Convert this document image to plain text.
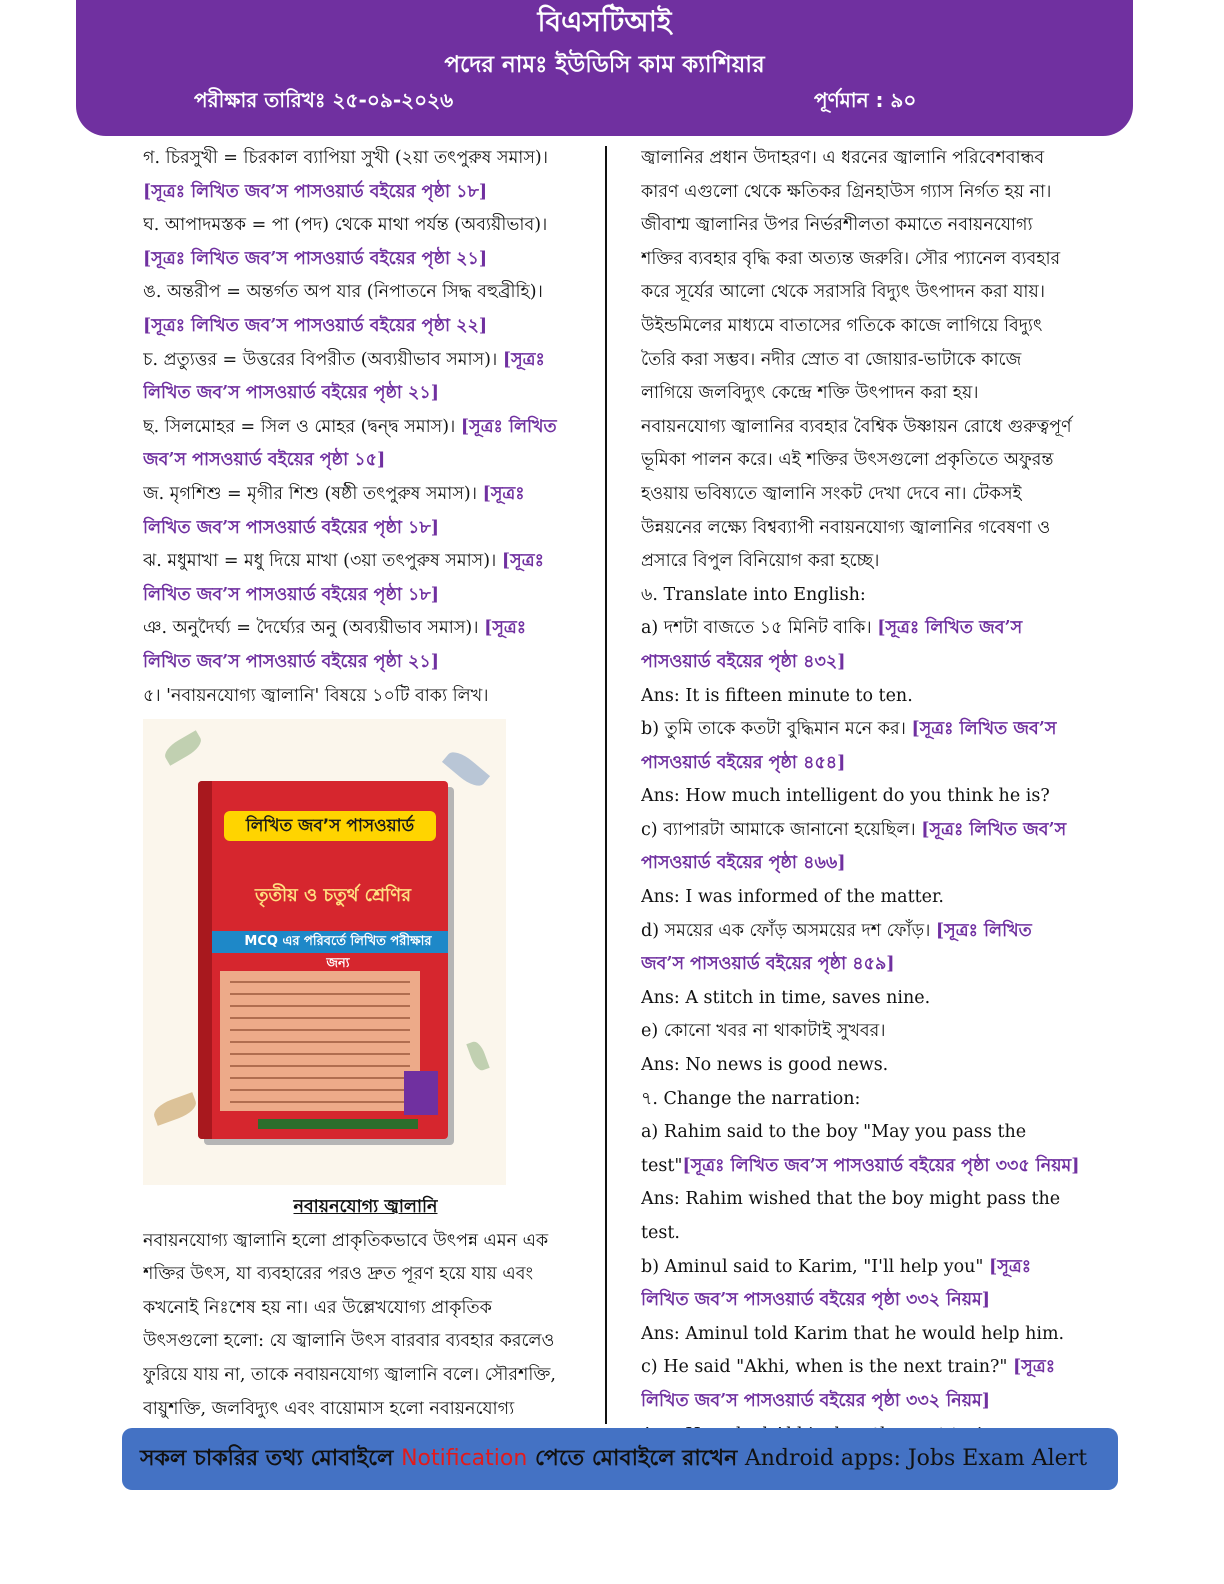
বিএসটিআই
পদের নামঃ ইউডিসি কাম ক্যাশিয়ার
পরীক্ষার তারিখঃ ২৫-০৯-২০২৬	পূর্ণমান : ৯০
গ. চিরসুখী = চিরকাল ব্যাপিয়া সুখী (২য়া তৎপুরুষ সমাস)।
[সূত্রঃ লিখিত জব’স পাসওয়ার্ড বইয়ের পৃষ্ঠা ১৮]
ঘ. আপাদমস্তক = পা (পদ) থেকে মাথা পর্যন্ত (অব্যয়ীভাব)।
[সূত্রঃ লিখিত জব’স পাসওয়ার্ড বইয়ের পৃষ্ঠা ২১]
ঙ. অন্তরীপ = অন্তর্গত অপ যার (নিপাতনে সিদ্ধ বহুব্রীহি)।
[সূত্রঃ লিখিত জব’স পাসওয়ার্ড বইয়ের পৃষ্ঠা ২২]
চ. প্রত্যুত্তর = উত্তরের বিপরীত (অব্যয়ীভাব সমাস)। [সূত্রঃ
লিখিত জব’স পাসওয়ার্ড বইয়ের পৃষ্ঠা ২১]
ছ. সিলমোহর = সিল ও মোহর (দ্বন্দ্ব সমাস)। [সূত্রঃ লিখিত
জব’স পাসওয়ার্ড বইয়ের পৃষ্ঠা ১৫]
জ. মৃগশিশু = মৃগীর শিশু (ষষ্ঠী তৎপুরুষ সমাস)। [সূত্রঃ
লিখিত জব’স পাসওয়ার্ড বইয়ের পৃষ্ঠা ১৮]
ঝ. মধুমাখা = মধু দিয়ে মাখা (৩য়া তৎপুরুষ সমাস)। [সূত্রঃ
লিখিত জব’স পাসওয়ার্ড বইয়ের পৃষ্ঠা ১৮]
ঞ. অনুদৈর্ঘ্য = দৈর্ঘ্যের অনু (অব্যয়ীভাব সমাস)। [সূত্রঃ
লিখিত জব’স পাসওয়ার্ড বইয়ের পৃষ্ঠা ২১]
৫। 'নবায়নযোগ্য জ্বালানি' বিষয়ে ১০টি বাক্য লিখ।
লিখিত জব’স পাসওয়ার্ড
তৃতীয় ও চতুর্থ শ্রেণির
MCQ এর পরিবর্তে লিখিত পরীক্ষার জন্য
নবায়নযোগ্য জ্বালানি
নবায়নযোগ্য জ্বালানি হলো প্রাকৃতিকভাবে উৎপন্ন এমন এক
শক্তির উৎস, যা ব্যবহারের পরও দ্রুত পূরণ হয়ে যায় এবং
কখনোই নিঃশেষ হয় না। এর উল্লেখযোগ্য প্রাকৃতিক
উৎসগুলো হলো: যে জ্বালানি উৎস বারবার ব্যবহার করলেও
ফুরিয়ে যায় না, তাকে নবায়নযোগ্য জ্বালানি বলে। সৌরশক্তি,
বায়ুশক্তি, জলবিদ্যুৎ এবং বায়োমাস হলো নবায়নযোগ্য
জ্বালানির প্রধান উদাহরণ। এ ধরনের জ্বালানি পরিবেশবান্ধব
কারণ এগুলো থেকে ক্ষতিকর গ্রিনহাউস গ্যাস নির্গত হয় না।
জীবাশ্ম জ্বালানির উপর নির্ভরশীলতা কমাতে নবায়নযোগ্য
শক্তির ব্যবহার বৃদ্ধি করা অত্যন্ত জরুরি। সৌর প্যানেল ব্যবহার
করে সূর্যের আলো থেকে সরাসরি বিদ্যুৎ উৎপাদন করা যায়।
উইন্ডমিলের মাধ্যমে বাতাসের গতিকে কাজে লাগিয়ে বিদ্যুৎ
তৈরি করা সম্ভব। নদীর স্রোত বা জোয়ার-ভাটাকে কাজে
লাগিয়ে জলবিদ্যুৎ কেন্দ্রে শক্তি উৎপাদন করা হয়।
নবায়নযোগ্য জ্বালানির ব্যবহার বৈশ্বিক উষ্ণায়ন রোধে গুরুত্বপূর্ণ
ভূমিকা পালন করে। এই শক্তির উৎসগুলো প্রকৃতিতে অফুরন্ত
হওয়ায় ভবিষ্যতে জ্বালানি সংকট দেখা দেবে না। টেকসই
উন্নয়নের লক্ষ্যে বিশ্বব্যাপী নবায়নযোগ্য জ্বালানির গবেষণা ও
প্রসারে বিপুল বিনিয়োগ করা হচ্ছে।
৬. Translate into English:
a) দশটা বাজতে ১৫ মিনিট বাকি। [সূত্রঃ লিখিত জব’স
পাসওয়ার্ড বইয়ের পৃষ্ঠা ৪৩২]
Ans: It is fifteen minute to ten.
b) তুমি তাকে কতটা বুদ্ধিমান মনে কর। [সূত্রঃ লিখিত জব’স
পাসওয়ার্ড বইয়ের পৃষ্ঠা ৪৫৪]
Ans: How much intelligent do you think he is?
c) ব্যাপারটা আমাকে জানানো হয়েছিল। [সূত্রঃ লিখিত জব’স
পাসওয়ার্ড বইয়ের পৃষ্ঠা ৪৬৬]
Ans: I was informed of the matter.
d) সময়ের এক ফোঁড় অসময়ের দশ ফোঁড়। [সূত্রঃ লিখিত
জব’স পাসওয়ার্ড বইয়ের পৃষ্ঠা ৪৫৯]
Ans: A stitch in time, saves nine.
e) কোনো খবর না থাকাটাই সুখবর।
Ans: No news is good news.
৭. Change the narration:
a) Rahim said to the boy "May you pass the
test"[সূত্রঃ লিখিত জব’স পাসওয়ার্ড বইয়ের পৃষ্ঠা ৩৩৫ নিয়ম]
Ans: Rahim wished that the boy might pass the
test.
b) Aminul said to Karim, "I'll help you" [সূত্রঃ
লিখিত জব’স পাসওয়ার্ড বইয়ের পৃষ্ঠা ৩৩২ নিয়ম]
Ans: Aminul told Karim that he would help him.
c) He said "Akhi, when is the next train?" [সূত্রঃ
লিখিত জব’স পাসওয়ার্ড বইয়ের পৃষ্ঠা ৩৩২ নিয়ম]
সকল চাকরির তথ্য মোবাইলে Notification পেতে মোবাইলে রাখেন Android apps: Jobs Exam Alert
